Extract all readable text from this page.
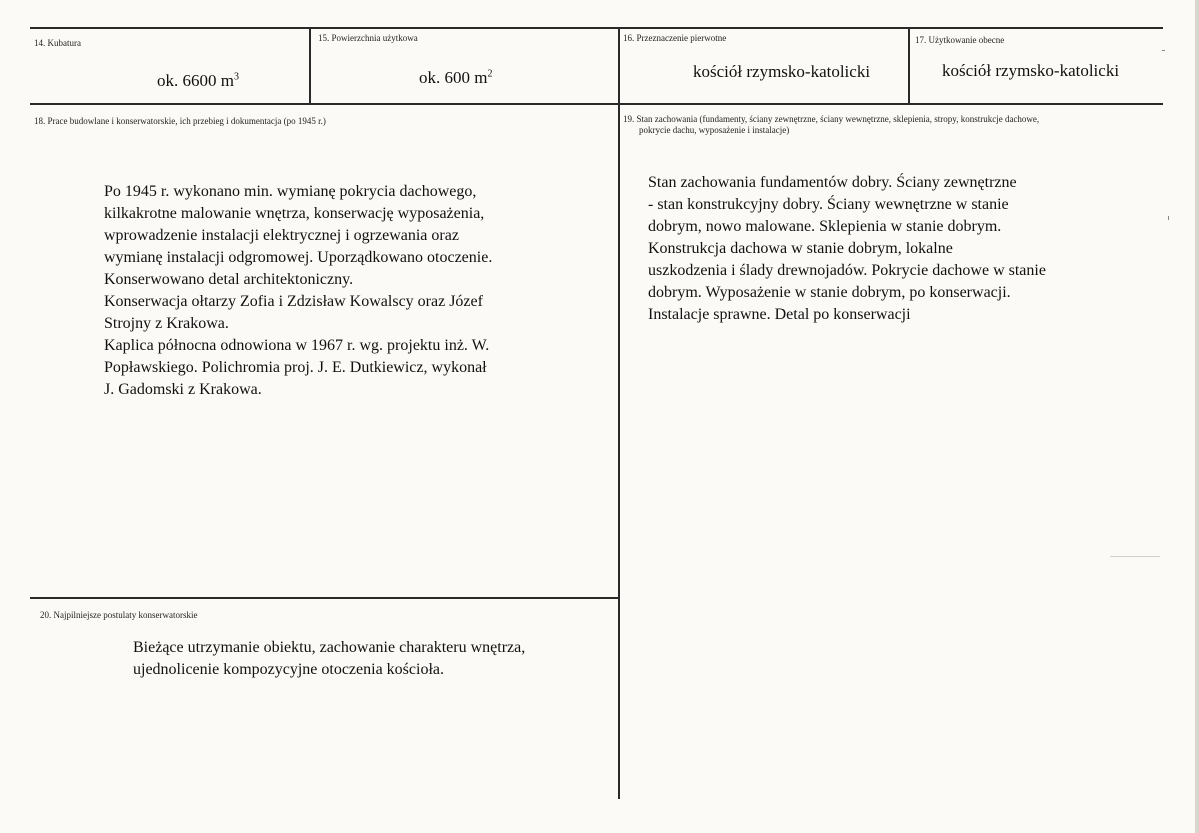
14. Kubatura
ok. 6600 $m^3$
15. Powierzchnia użytkowa
ok. 600 $m^2$
16. Przeznaczenie pierwotne
kościół rzymsko-katolicki
17. Użytkowanie obecne
kościół rzymsko-katolicki
18. Prace budowlane i konserwatorskie, ich przebieg i dokumentacja (po 1945 r.)

Po 1945 r. wykonano min. wymianę pokrycia dachowego,

kilkakrotne malowanie wnętrza, konserwację wyposażenia,

wprowadzenie instalacji elektrycznej i ogrzewania oraz

wymianę instalacji odgromowej. Uporządkowano otoczenie.

Konserwowano detal architektoniczny.

Konserwacja ołtarzy Zofia i Zdzisław Kowalscy oraz Józef

Strojny z Krakowa.

Kaplica północna odnowiona w 1967 r. wg. projektu inż. W.

Popławskiego. Polichromia proj. J. E. Dutkiewicz, wykonał

J. Gadomski z Krakowa.

19. Stan zachowania (fundamenty, ściany zewnętrzne, ściany wewnętrzne, sklepienia, stropy, konstrukcje dachowe,
pokrycie dachu, wyposażenie i instalacje)

Stan zachowania fundamentów dobry. Ściany zewnętrzne

- stan konstrukcyjny dobry. Ściany wewnętrzne w stanie

dobrym, nowo malowane. Sklepienia w stanie dobrym.

Konstrukcja dachowa w stanie dobrym, lokalne

uszkodzenia i ślady drewnojadów. Pokrycie dachowe w stanie

dobrym. Wyposażenie w stanie dobrym, po konserwacji.

Instalacje sprawne. Detal po konserwacji

20. Najpilniejsze postulaty konserwatorskie

Bieżące utrzymanie obiektu, zachowanie charakteru wnętrza,

ujednolicenie kompozycyjne otoczenia kościoła.
